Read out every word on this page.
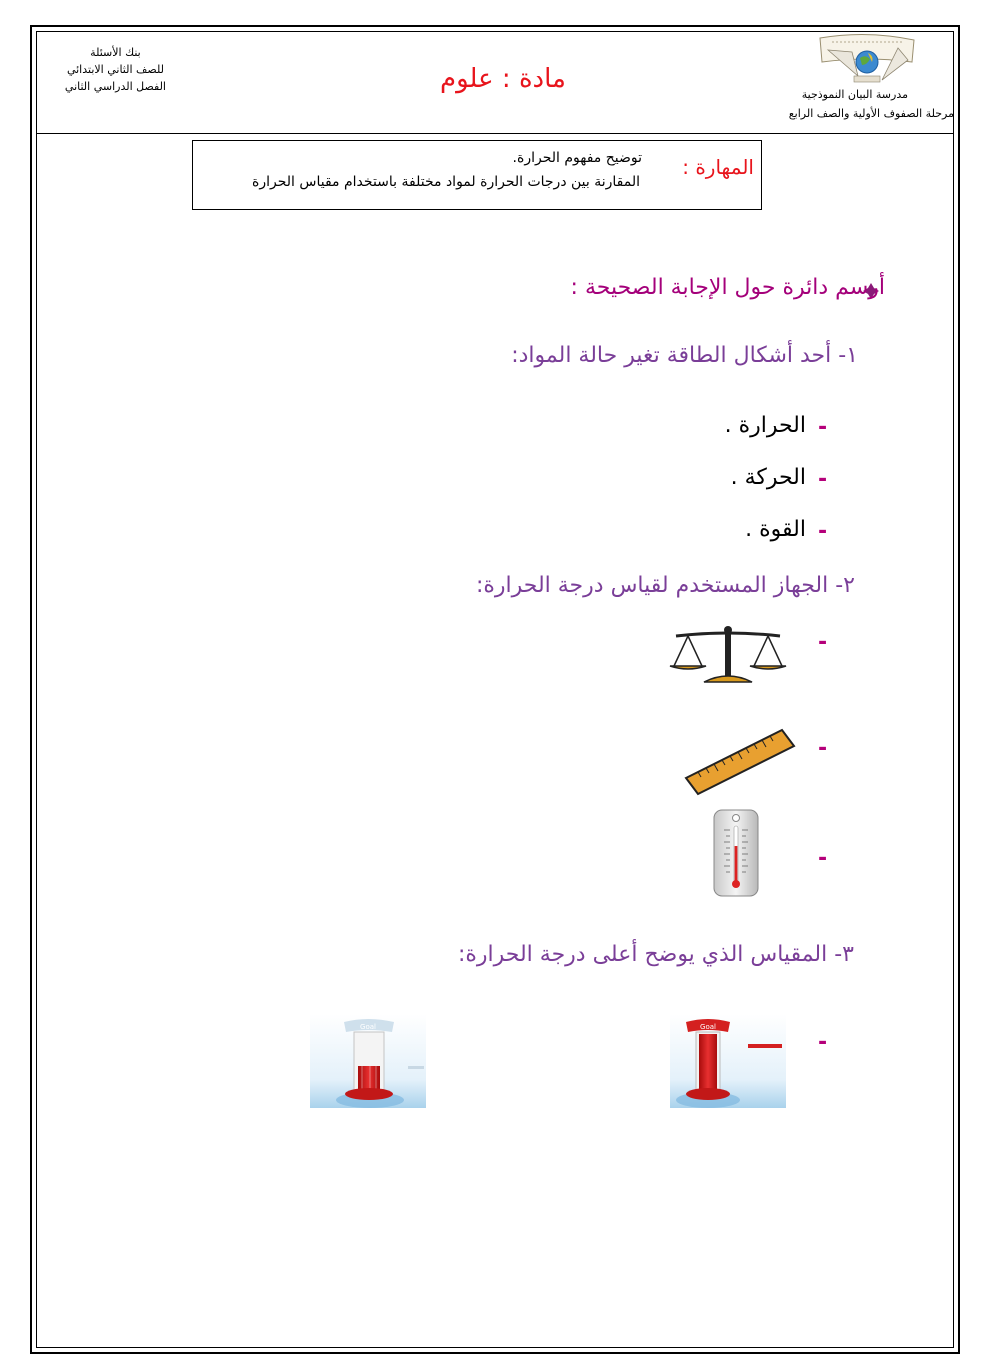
بنك الأسئلة
للصف الثاني الابتدائي
الفصل الدراسي الثاني	مادة : علوم
مدرسة البيان النموذجية
مرحلة الصفوف الأولية والصف الرابع
المهارة :
توضيح مفهوم الحرارة.
المقارنة بين درجات الحرارة لمواد مختلفة باستخدام مقياس الحرارة
أرسم دائرة حول الإجابة الصحيحة :
١- أحد أشكال الطاقة تغير حالة المواد:
-
الحرارة .
-
الحركة .
-
القوة .
٢- الجهاز المستخدم لقياس درجة الحرارة:
-
-
-
٣- المقياس الذي يوضح أعلى درجة الحرارة:
-
Goal
Goal
